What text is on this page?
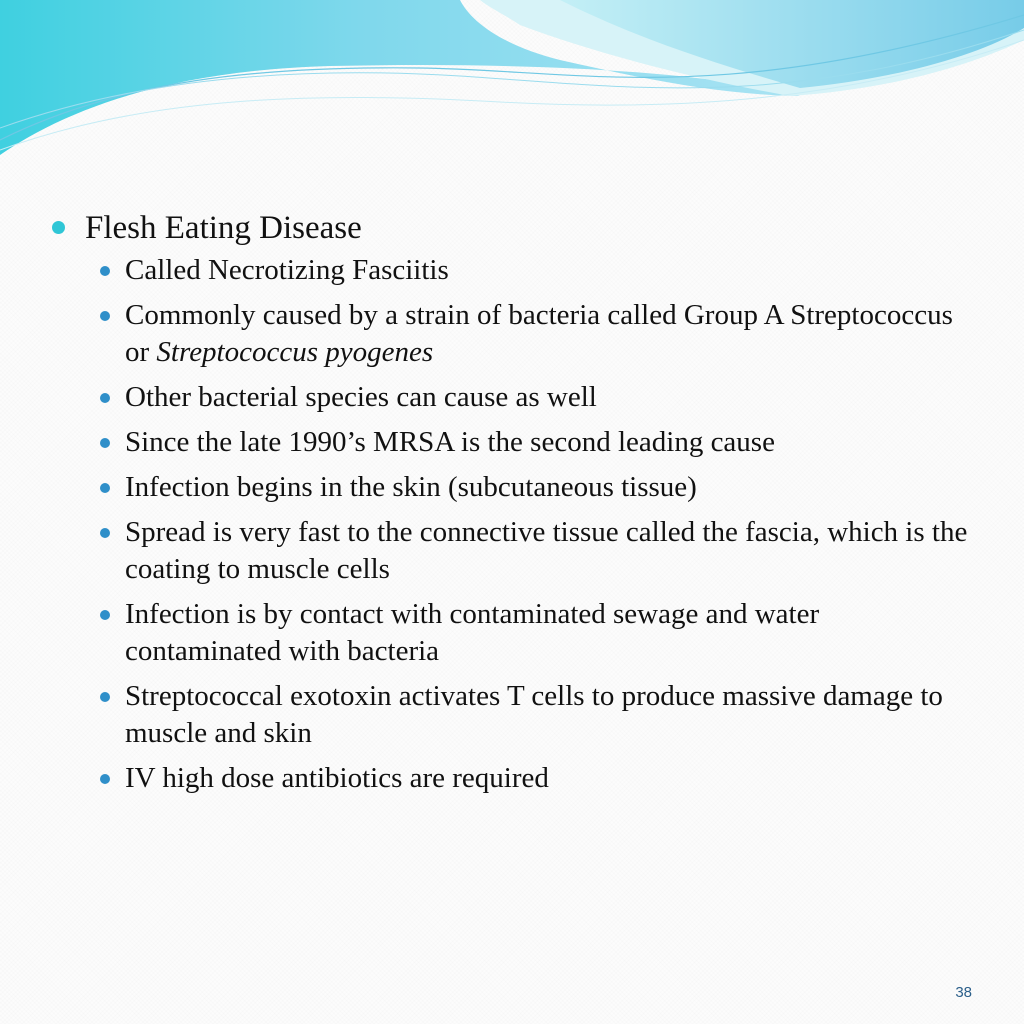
Flesh Eating Disease
Called Necrotizing Fasciitis
Commonly caused by a strain of bacteria called Group A Streptococcus or Streptococcus pyogenes
Other bacterial species can cause as well
Since the late 1990’s MRSA is the second leading cause
Infection begins in the skin (subcutaneous tissue)
Spread is very fast to the connective tissue called the fascia, which is the coating to muscle cells
Infection is by contact with contaminated sewage and water contaminated with bacteria
Streptococcal exotoxin activates T cells to produce massive damage to muscle and skin
IV high dose antibiotics are required
38
